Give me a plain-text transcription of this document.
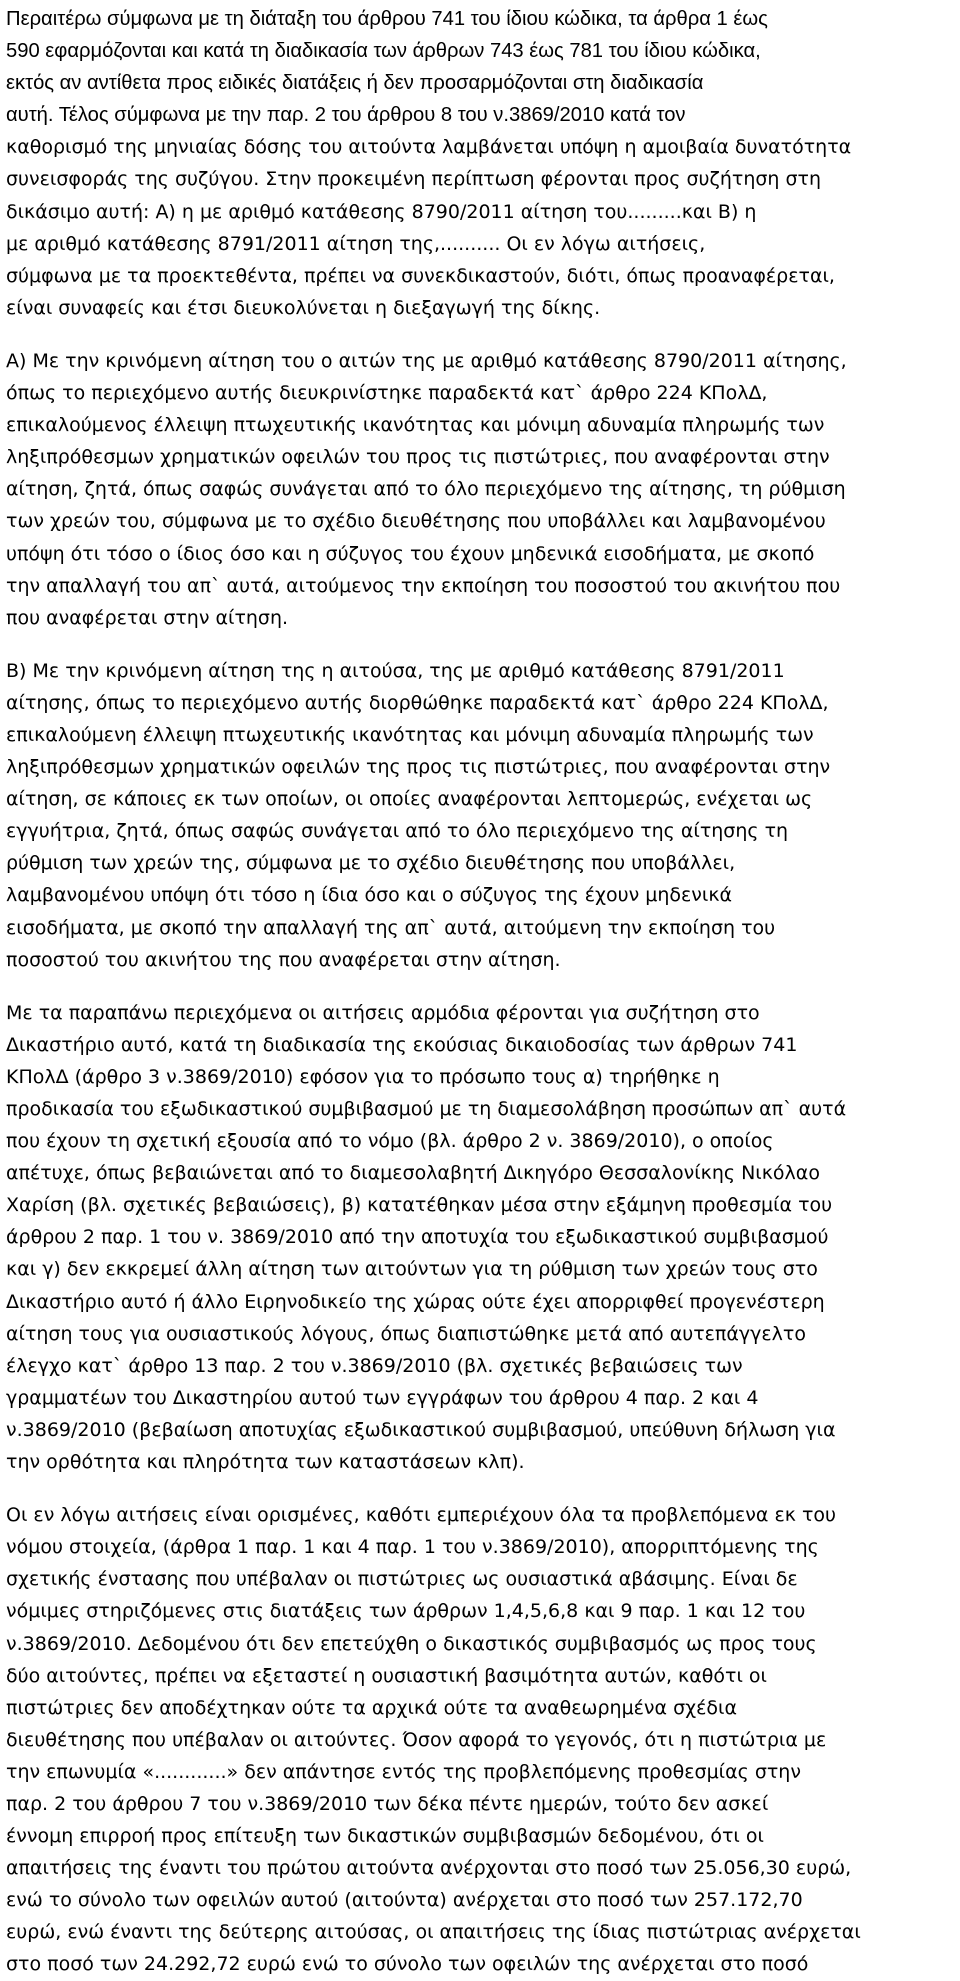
Περαιτέρω σύμφωνα με τη διάταξη του άρθρου 741 του ίδιου κώδικα, τα άρθρα 1 έως
590 εφαρμόζονται και κατά τη διαδικασία των άρθρων 743 έως 781 του ίδιου κώδικα,
εκτός αν αντίθετα προς ειδικές διατάξεις ή δεν προσαρμόζονται στη διαδικασία
αυτή. Τέλος σύμφωνα με την παρ. 2 του άρθρου 8 του ν.3869/2010 κατά τον
καθορισμό της μηνιαίας δόσης του αιτούντα λαμβάνεται υπόψη η αμοιβαία δυνατότητα
συνεισφοράς της συζύγου. Στην προκειμένη περίπτωση φέρονται προς συζήτηση στη
δικάσιμο αυτή: Α) η με αριθμό κατάθεσης 8790/2011 αίτηση του.........και Β) η
με αριθμό κατάθεσης 8791/2011 αίτηση της,.......... Οι εν λόγω αιτήσεις,
σύμφωνα με τα προεκτεθέντα, πρέπει να συνεκδικαστούν, διότι, όπως προαναφέρεται,
είναι συναφείς και έτσι διευκολύνεται η διεξαγωγή της δίκης.
Α) Με την κρινόμενη αίτηση του ο αιτών της με αριθμό κατάθεσης 8790/2011 αίτησης,
όπως το περιεχόμενο αυτής διευκρινίστηκε παραδεκτά κατ` άρθρο 224 ΚΠολΔ,
επικαλούμενος έλλειψη πτωχευτικής ικανότητας και μόνιμη αδυναμία πληρωμής των
ληξιπρόθεσμων χρηματικών οφειλών του προς τις πιστώτριες, που αναφέρονται στην
αίτηση, ζητά, όπως σαφώς συνάγεται από το όλο περιεχόμενο της αίτησης, τη ρύθμιση
των χρεών του, σύμφωνα με το σχέδιο διευθέτησης που υποβάλλει και λαμβανομένου
υπόψη ότι τόσο ο ίδιος όσο και η σύζυγος του έχουν μηδενικά εισοδήματα, με σκοπό
την απαλλαγή του απ` αυτά, αιτούμενος την εκποίηση του ποσοστού του ακινήτου που
που αναφέρεται στην αίτηση.
Β) Με την κρινόμενη αίτηση της η αιτούσα, της με αριθμό κατάθεσης 8791/2011
αίτησης, όπως το περιεχόμενο αυτής διορθώθηκε παραδεκτά κατ` άρθρο 224 ΚΠολΔ,
επικαλούμενη έλλειψη πτωχευτικής ικανότητας και μόνιμη αδυναμία πληρωμής των
ληξιπρόθεσμων χρηματικών οφειλών της προς τις πιστώτριες, που αναφέρονται στην
αίτηση, σε κάποιες εκ των οποίων, οι οποίες αναφέρονται λεπτομερώς, ενέχεται ως
εγγυήτρια, ζητά, όπως σαφώς συνάγεται από το όλο περιεχόμενο της αίτησης τη
ρύθμιση των χρεών της, σύμφωνα με το σχέδιο διευθέτησης που υποβάλλει,
λαμβανομένου υπόψη ότι τόσο η ίδια όσο και ο σύζυγος της έχουν μηδενικά
εισοδήματα, με σκοπό την απαλλαγή της απ` αυτά, αιτούμενη την εκποίηση του
ποσοστού του ακινήτου της που αναφέρεται στην αίτηση.
Με τα παραπάνω περιεχόμενα οι αιτήσεις αρμόδια φέρονται για συζήτηση στο
Δικαστήριο αυτό, κατά τη διαδικασία της εκούσιας δικαιοδοσίας των άρθρων 741
ΚΠολΔ (άρθρο 3 ν.3869/2010) εφόσον για το πρόσωπο τους α) τηρήθηκε η
προδικασία του εξωδικαστικού συμβιβασμού με τη διαμεσολάβηση προσώπων απ` αυτά
που έχουν τη σχετική εξουσία από το νόμο (βλ. άρθρο 2 ν. 3869/2010), ο οποίος
απέτυχε, όπως βεβαιώνεται από το διαμεσολαβητή Δικηγόρο Θεσσαλονίκης Νικόλαο
Χαρίση (βλ. σχετικές βεβαιώσεις), β) κατατέθηκαν μέσα στην εξάμηνη προθεσμία του
άρθρου 2 παρ. 1 του ν. 3869/2010 από την αποτυχία του εξωδικαστικού συμβιβασμού
και γ) δεν εκκρεμεί άλλη αίτηση των αιτούντων για τη ρύθμιση των χρεών τους στο
Δικαστήριο αυτό ή άλλο Ειρηνοδικείο της χώρας ούτε έχει απορριφθεί προγενέστερη
αίτηση τους για ουσιαστικούς λόγους, όπως διαπιστώθηκε μετά από αυτεπάγγελτο
έλεγχο κατ` άρθρο 13 παρ. 2 του ν.3869/2010 (βλ. σχετικές βεβαιώσεις των
γραμματέων του Δικαστηρίου αυτού των εγγράφων του άρθρου 4 παρ. 2 και 4
ν.3869/2010 (βεβαίωση αποτυχίας εξωδικαστικού συμβιβασμού, υπεύθυνη δήλωση για
την ορθότητα και πληρότητα των καταστάσεων κλπ).
Οι εν λόγω αιτήσεις είναι ορισμένες, καθότι εμπεριέχουν όλα τα προβλεπόμενα εκ του
νόμου στοιχεία, (άρθρα 1 παρ. 1 και 4 παρ. 1 του ν.3869/2010), απορριπτόμενης της
σχετικής ένστασης που υπέβαλαν οι πιστώτριες ως ουσιαστικά αβάσιμης. Είναι δε
νόμιμες στηριζόμενες στις διατάξεις των άρθρων 1,4,5,6,8 και 9 παρ. 1 και 12 του
ν.3869/2010. Δεδομένου ότι δεν επετεύχθη ο δικαστικός συμβιβασμός ως προς τους
δύο αιτούντες, πρέπει να εξεταστεί η ουσιαστική βασιμότητα αυτών, καθότι οι
πιστώτριες δεν αποδέχτηκαν ούτε τα αρχικά ούτε τα αναθεωρημένα σχέδια
διευθέτησης που υπέβαλαν οι αιτούντες. Όσον αφορά το γεγονός, ότι η πιστώτρια με
την επωνυμία «............» δεν απάντησε εντός της προβλεπόμενης προθεσμίας στην
παρ. 2 του άρθρου 7 του ν.3869/2010 των δέκα πέντε ημερών, τούτο δεν ασκεί
έννομη επιρροή προς επίτευξη των δικαστικών συμβιβασμών δεδομένου, ότι οι
απαιτήσεις της έναντι του πρώτου αιτούντα ανέρχονται στο ποσό των 25.056,30 ευρώ,
ενώ το σύνολο των οφειλών αυτού (αιτούντα) ανέρχεται στο ποσό των 257.172,70
ευρώ, ενώ έναντι της δεύτερης αιτούσας, οι απαιτήσεις της ίδιας πιστώτριας ανέρχεται
στο ποσό των 24.292,72 ευρώ ενώ το σύνολο των οφειλών της ανέρχεται στο ποσό
